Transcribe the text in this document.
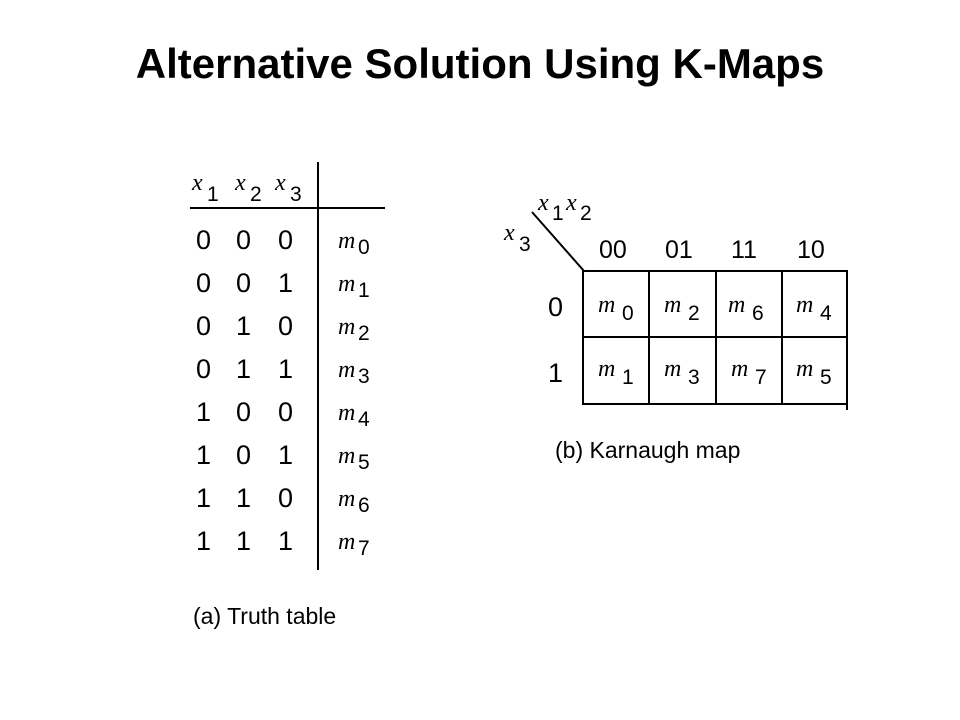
Alternative Solution Using K-Maps
x 1 x 2 x 3
0 0 0 m 0
0 0 1 m 1
0 1 0 m 2
0 1 1 m 3
1 0 0 m 4
1 0 1 m 5
1 1 0 m 6
1 1 1 m 7
(a) Truth table
x 1 x 2
x 3	00 01 11 10
0
1
m 0 m 2 m 6 m 4
m 1 m 3 m 7 m 5
(b) Karnaugh map
